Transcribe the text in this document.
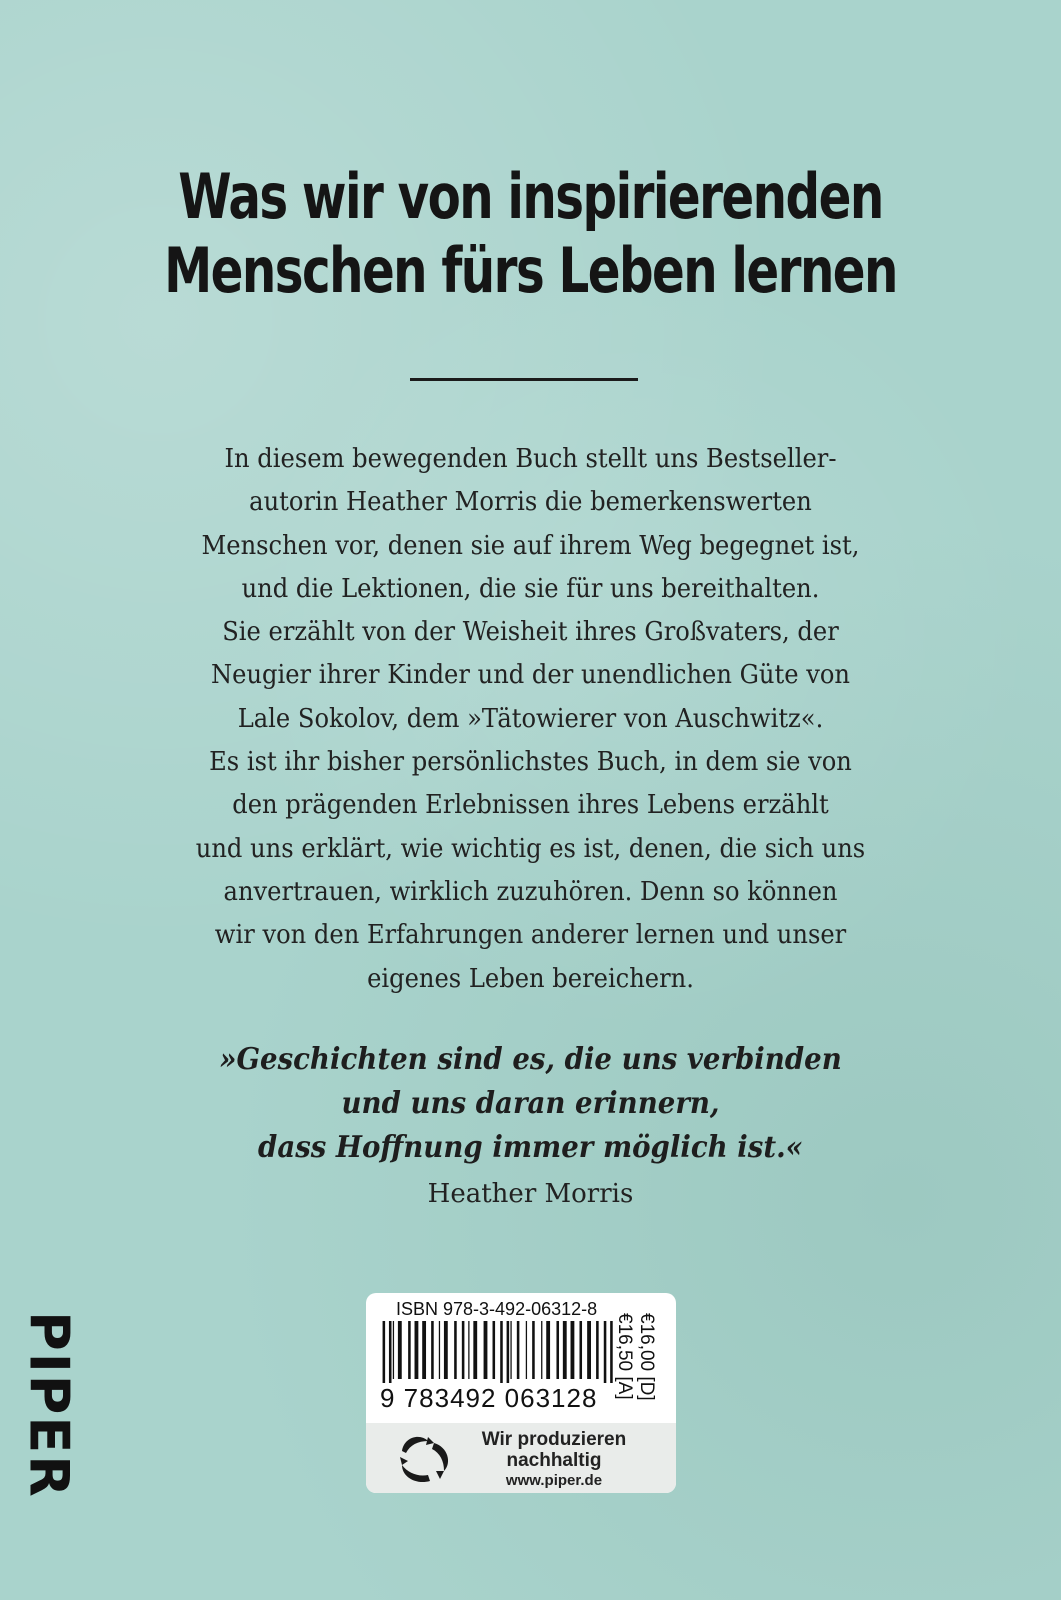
Was wir von inspirierenden
Menschen fürs Leben lernen
In diesem bewegenden Buch stellt uns Bestseller-
autorin Heather Morris die bemerkenswerten
Menschen vor, denen sie auf ihrem Weg begegnet ist,
und die Lektionen, die sie für uns bereithalten.
Sie erzählt von der Weisheit ihres Großvaters, der
Neugier ihrer Kinder und der unendlichen Güte von
Lale Sokolov, dem »Tätowierer von Auschwitz«.
Es ist ihr bisher persönlichstes Buch, in dem sie von
den prägenden Erlebnissen ihres Lebens erzählt
und uns erklärt, wie wichtig es ist, denen, die sich uns
anvertrauen, wirklich zuzuhören. Denn so können
wir von den Erfahrungen anderer lernen und unser
eigenes Leben bereichern.
»Geschichten sind es, die uns verbinden
und uns daran erinnern,
dass Hoffnung immer möglich ist.«
Heather Morris
PIPER
ISBN 978-3-492-06312-8
9 783492 063128	€16,00 [D]
€16,50 [A]
Wir produzieren
nachhaltig
www.piper.de
